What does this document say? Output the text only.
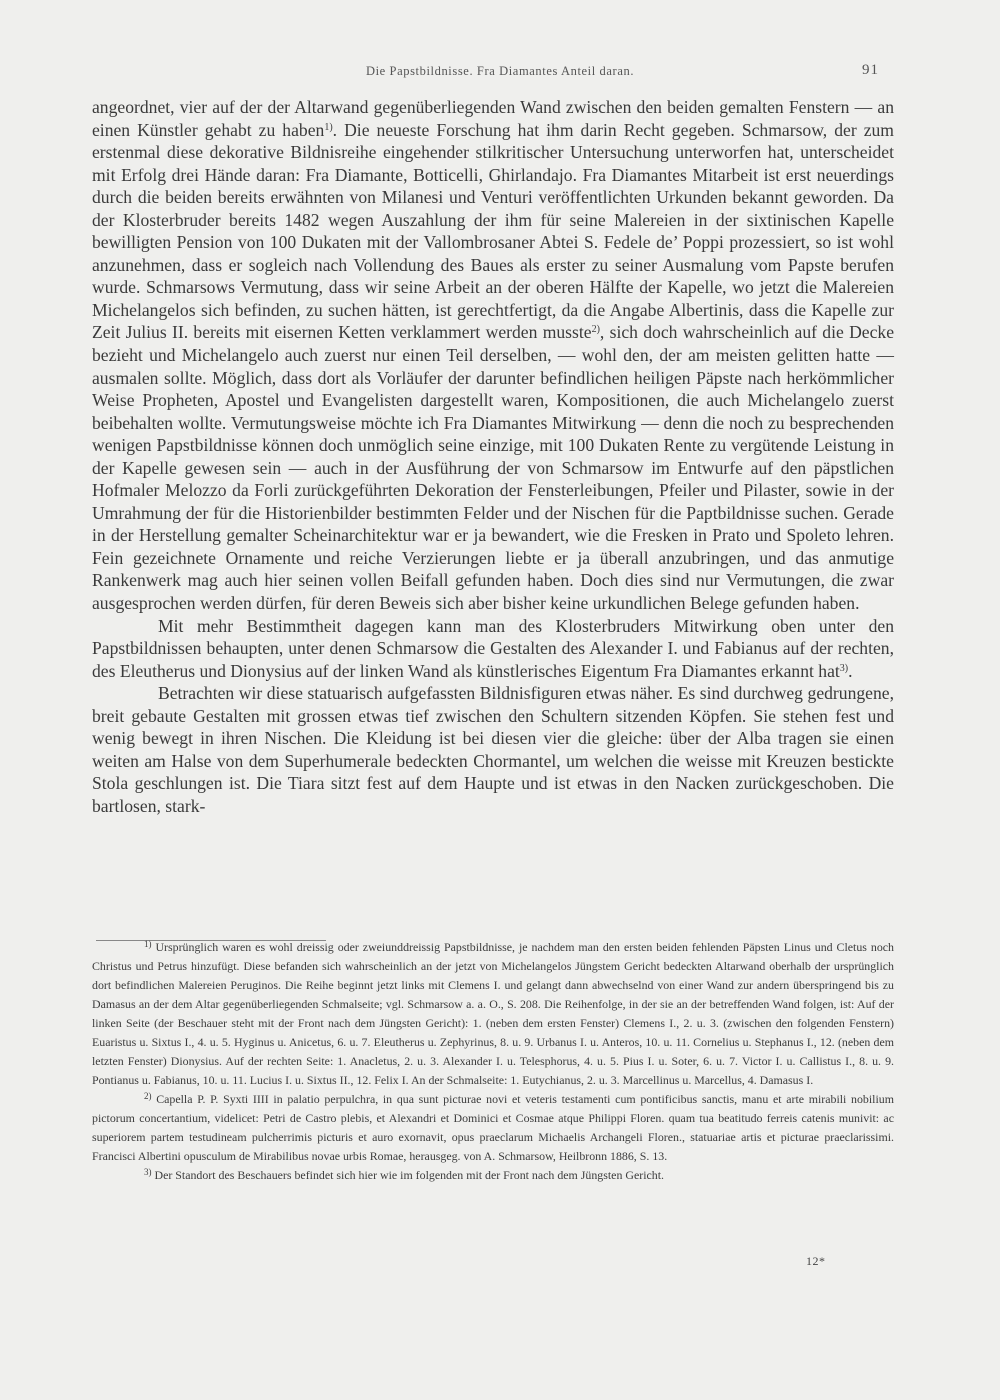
Die Papstbildnisse. Fra Diamantes Anteil daran.	91

angeordnet, vier auf der der Altarwand gegenüberliegenden Wand zwischen den beiden gemalten Fenstern — an einen Künstler gehabt zu haben$^{1)}$. Die neueste Forschung hat ihm darin Recht gegeben. Schmarsow, der zum erstenmal diese dekorative Bildnisreihe eingehender stilkritischer Untersuchung unterworfen hat, unterscheidet mit Erfolg drei Hände daran: Fra Diamante, Botticelli, Ghirlandajo. Fra Diamantes Mitarbeit ist erst neuerdings durch die beiden bereits erwähnten von Milanesi und Venturi veröffentlichten Urkunden bekannt geworden. Da der Klosterbruder bereits 1482 wegen Auszahlung der ihm für seine Malereien in der sixtinischen Kapelle bewilligten Pension von 100 Dukaten mit der Vallombrosaner Abtei S. Fedele de’ Poppi prozessiert, so ist wohl anzunehmen, dass er sogleich nach Vollendung des Baues als erster zu seiner Ausmalung vom Papste berufen wurde. Schmarsows Vermutung, dass wir seine Arbeit an der oberen Hälfte der Kapelle, wo jetzt die Malereien Michelangelos sich befinden, zu suchen hätten, ist gerechtfertigt, da die Angabe Albertinis, dass die Kapelle zur Zeit Julius II. bereits mit eisernen Ketten verklammert werden musste$^{2)}$, sich doch wahrscheinlich auf die Decke bezieht und Michelangelo auch zuerst nur einen Teil derselben, — wohl den, der am meisten gelitten hatte — ausmalen sollte. Möglich, dass dort als Vorläufer der darunter befindlichen heiligen Päpste nach herkömmlicher Weise Propheten, Apostel und Evangelisten dargestellt waren, Kompositionen, die auch Michelangelo zuerst beibehalten wollte. Vermutungsweise möchte ich Fra Diamantes Mitwirkung — denn die noch zu besprechenden wenigen Papstbildnisse können doch unmöglich seine einzige, mit 100 Dukaten Rente zu vergütende Leistung in der Kapelle gewesen sein — auch in der Ausführung der von Schmarsow im Entwurfe auf den päpstlichen Hofmaler Melozzo da Forli zurückgeführten Dekoration der Fensterleibungen, Pfeiler und Pilaster, sowie in der Umrahmung der für die Historienbilder bestimmten Felder und der Nischen für die Paptbildnisse suchen. Gerade in der Herstellung gemalter Scheinarchitektur war er ja bewandert, wie die Fresken in Prato und Spoleto lehren. Fein gezeichnete Ornamente und reiche Verzierungen liebte er ja überall anzubringen, und das anmutige Rankenwerk mag auch hier seinen vollen Beifall gefunden haben. Doch dies sind nur Vermutungen, die zwar ausgesprochen werden dürfen, für deren Beweis sich aber bisher keine urkundlichen Belege gefunden haben.

Mit mehr Bestimmtheit dagegen kann man des Klosterbruders Mitwirkung oben unter den Papstbildnissen behaupten, unter denen Schmarsow die Gestalten des Alexander I. und Fabianus auf der rechten, des Eleutherus und Dionysius auf der linken Wand als künstlerisches Eigentum Fra Diamantes erkannt hat$^{3)}$.

Betrachten wir diese statuarisch aufgefassten Bildnisfiguren etwas näher. Es sind durchweg gedrungene, breit gebaute Gestalten mit grossen etwas tief zwischen den Schultern sitzenden Köpfen. Sie stehen fest und wenig bewegt in ihren Nischen. Die Kleidung ist bei diesen vier die gleiche: über der Alba tragen sie einen weiten am Halse von dem Superhumerale bedeckten Chormantel, um welchen die weisse mit Kreuzen bestickte Stola geschlungen ist. Die Tiara sitzt fest auf dem Haupte und ist etwas in den Nacken zurückgeschoben. Die bartlosen, stark-

$^{1)}$ Ursprünglich waren es wohl dreissig oder zweiunddreissig Papstbildnisse, je nachdem man den ersten beiden fehlenden Päpsten Linus und Cletus noch Christus und Petrus hinzufügt. Diese befanden sich wahrscheinlich an der jetzt von Michelangelos Jüngstem Gericht bedeckten Altarwand oberhalb der ursprünglich dort befindlichen Malereien Peruginos. Die Reihe beginnt jetzt links mit Clemens I. und gelangt dann abwechselnd von einer Wand zur andern überspringend bis zu Damasus an der dem Altar gegenüberliegenden Schmalseite; vgl. Schmarsow a. a. O., S. 208. Die Reihenfolge, in der sie an der betreffenden Wand folgen, ist: Auf der linken Seite (der Beschauer steht mit der Front nach dem Jüngsten Gericht): 1. (neben dem ersten Fenster) Clemens I., 2. u. 3. (zwischen den folgenden Fenstern) Euaristus u. Sixtus I., 4. u. 5. Hyginus u. Anicetus, 6. u. 7. Eleutherus u. Zephyrinus, 8. u. 9. Urbanus I. u. Anteros, 10. u. 11. Cornelius u. Stephanus I., 12. (neben dem letzten Fenster) Dionysius. Auf der rechten Seite: 1. Anacletus, 2. u. 3. Alexander I. u. Telesphorus, 4. u. 5. Pius I. u. Soter, 6. u. 7. Victor I. u. Callistus I., 8. u. 9. Pontianus u. Fabianus, 10. u. 11. Lucius I. u. Sixtus II., 12. Felix I. An der Schmalseite: 1. Eutychianus, 2. u. 3. Marcellinus u. Marcellus, 4. Damasus I.

$^{2)}$ Capella P. P. Syxti IIII in palatio perpulchra, in qua sunt picturae novi et veteris testamenti cum pontificibus sanctis, manu et arte mirabili nobilium pictorum concertantium, videlicet: Petri de Castro plebis, et Alexandri et Dominici et Cosmae atque Philippi Floren. quam tua beatitudo ferreis catenis munivit: ac superiorem partem testudineam pulcherrimis picturis et auro exornavit, opus praeclarum Michaelis Archangeli Floren., statuariae artis et picturae praeclarissimi. Francisci Albertini opusculum de Mirabilibus novae urbis Romae, herausgeg. von A. Schmarsow, Heilbronn 1886, S. 13.

$^{3)}$ Der Standort des Beschauers befindet sich hier wie im folgenden mit der Front nach dem Jüngsten Gericht.

12*
